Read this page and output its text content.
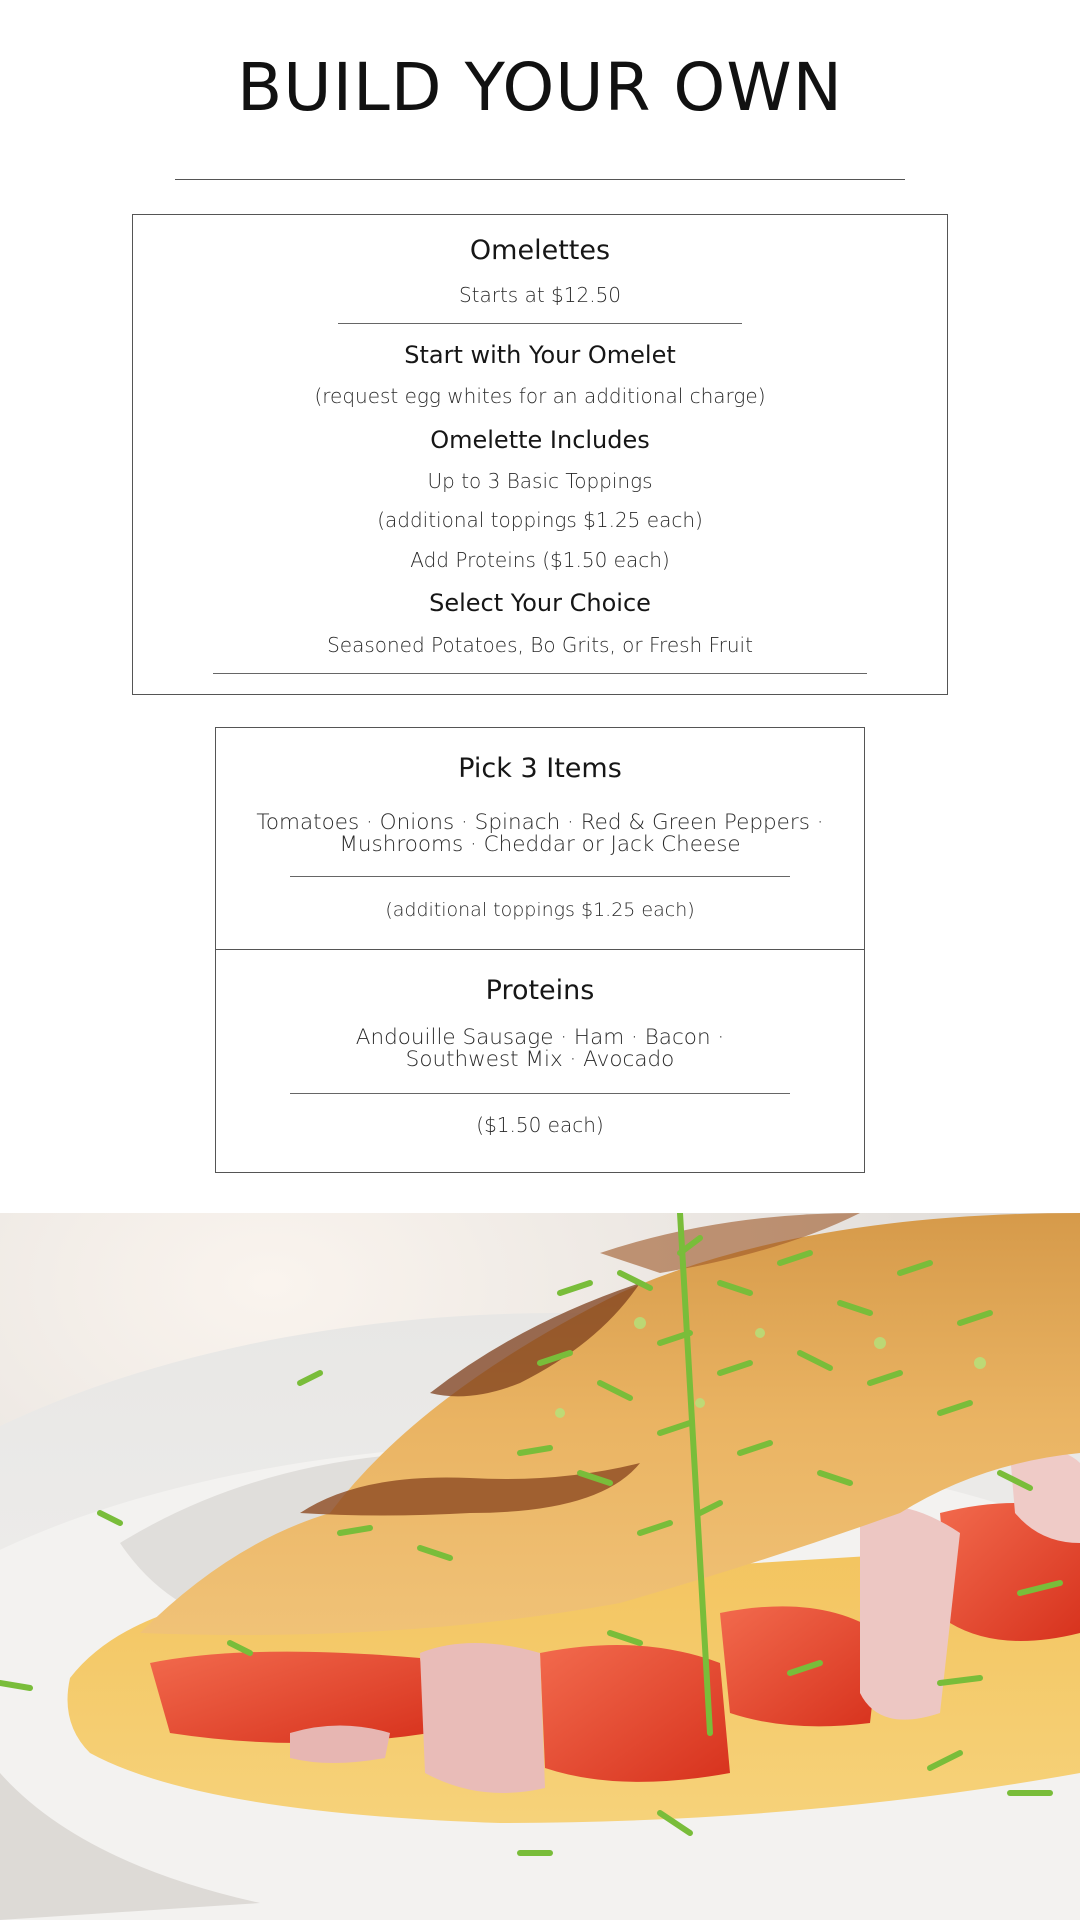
BUILD YOUR OWN

Omelettes

Starts at $12.50

Start with Your Omelet

(request egg whites for an additional charge)

Omelette Includes

Up to 3 Basic Toppings

(additional toppings $1.25 each)

Add Proteins ($1.50 each)

Select Your Choice

Seasoned Potatoes, Bo Grits, or Fresh Fruit

Pick 3 Items

Tomatoes · Onions · Spinach · Red & Green Peppers ·

Mushrooms · Cheddar or Jack Cheese

(additional toppings $1.25 each)

Proteins

Andouille Sausage · Ham · Bacon ·

Southwest Mix · Avocado

($1.50 each)
